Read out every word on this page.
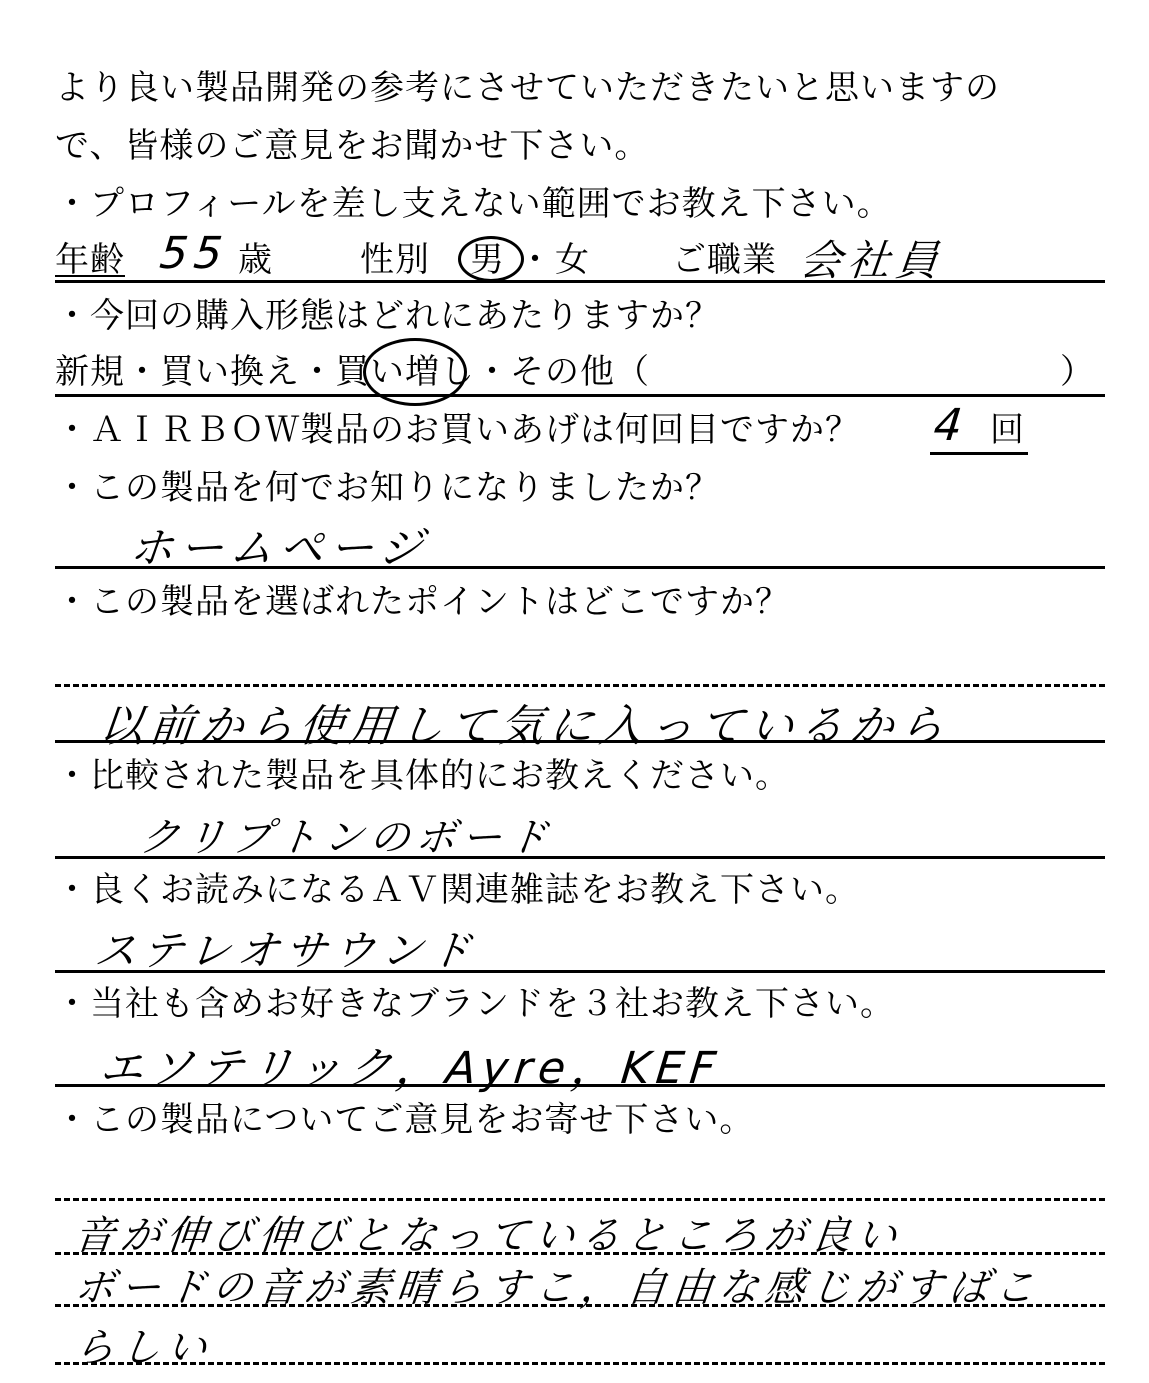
より良い製品開発の参考にさせていただきたいと思いますの
で、皆様のご意見をお聞かせ下さい。
・プロフィールを差し支えない範囲でお教え下さい。
年齢 55 歳	性別 男 ・ 女 ご職業 会社員
・今回の購入形態はどれにあたりますか？
新規・買い換え・買い増し・その他（	）
・ＡＩＲＢＯＷ製品のお買いあげは何回目ですか？ 4 回
・この製品を何でお知りになりましたか？
ホームページ
・この製品を選ばれたポイントはどこですか？
以前から使用して気に入っているから
・比較された製品を具体的にお教えください。
クリプトンのボード
・良くお読みになるＡＶ関連雑誌をお教え下さい。
ステレオサウンド
・当社も含めお好きなブランドを３社お教え下さい。
エソテリック，Ayre，KEF
・この製品についてご意見をお寄せ下さい。
音が伸び伸びとなっているところが良い
ボードの音が素晴らすこ，自由な感じがすばこ
らしい
